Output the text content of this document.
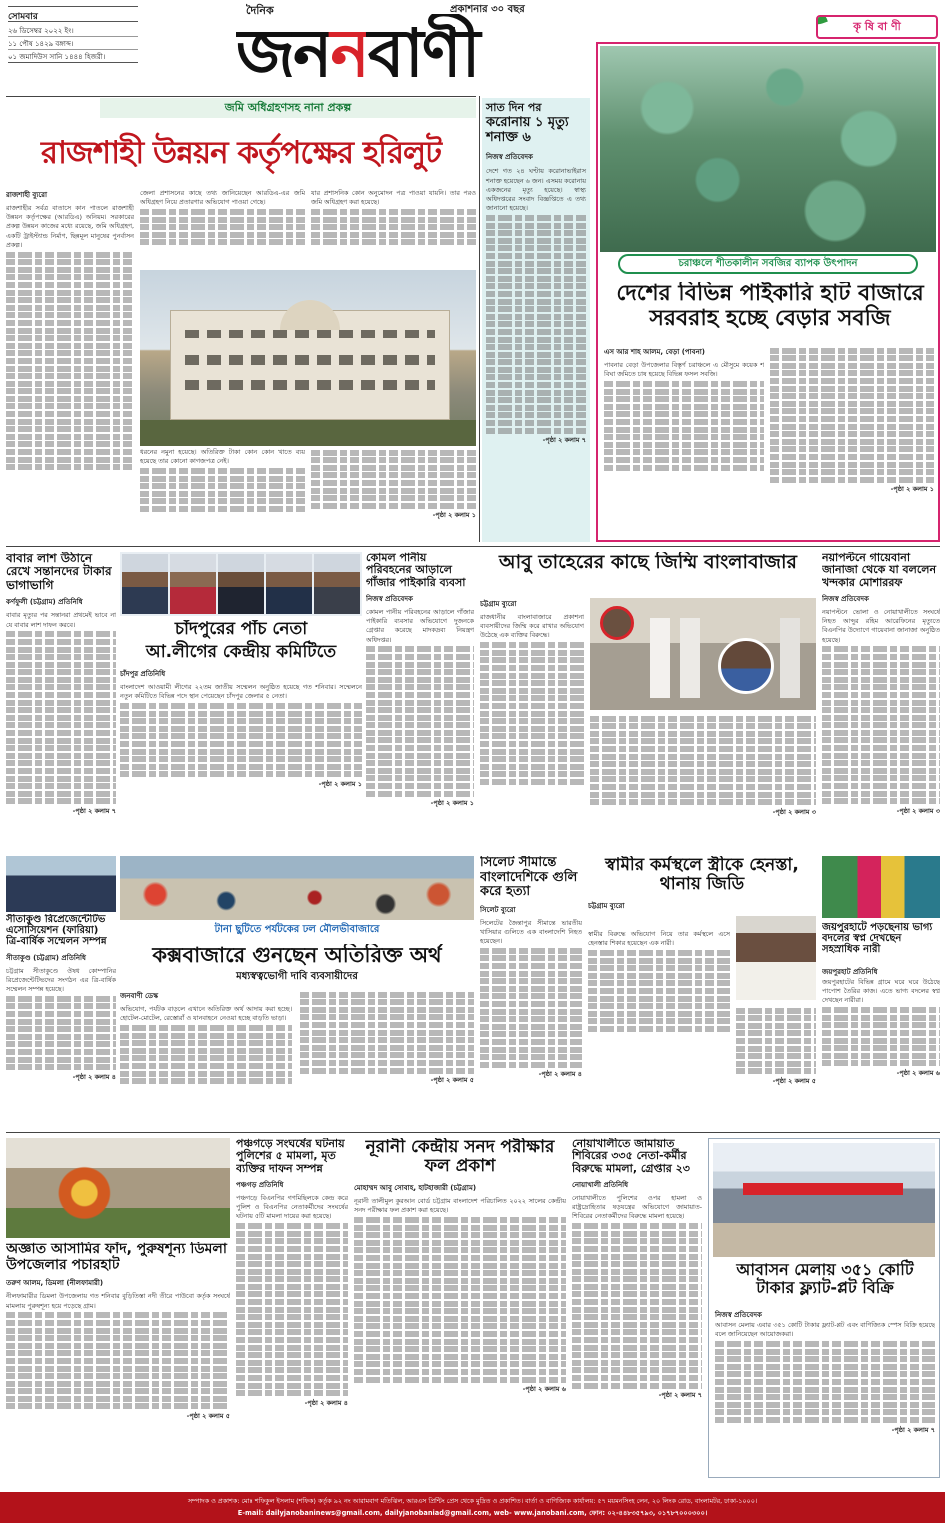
সোমবার
২৬ ডিসেম্বর ২০২২ ইং।
১১ পৌষ ১৪২৯ বঙ্গাব্দ।
০১ জমাদিউস সানি ১৪৪৪ হিজরী।
দৈনিক	প্রকাশনার ৩০ বছর
জননবাণী	কৃ ষি বা ণী
জমি অধিগ্রহণসহ নানা প্রকল্প
রাজশাহী উন্নয়ন কর্তৃপক্ষের হরিলুট
রাজশাহী ব্যুরো
রাজশাহীর সর্বত্র বাতাসে কান পাতলে রাজশাহী উন্নয়ন কর্তৃপক্ষের (আরডিএ) অনিয়ম। সরকারের প্রকল্প উন্নয়ন কাজের মধ্যে রয়েছে, জমি অধিগ্রহণ, একটি ট্রাইস্ট্যান্ড নির্মাণ, ছিন্নমূল মানুষের পুনর্বাসন প্রকল্প।
জেলা প্রশাসনের কাছে তথ্য জানিয়েছেন আরডিএ-এর জমি অধিগ্রহণ নিয়ে প্রতারণার অভিযোগ পাওয়া গেছে।
যার প্রশাসনিক কোন অনুমোদন পত্র পাওয়া যায়নি। তার পরও জমি অধিগ্রহণ করা হয়েছে।
ধরনের নমুনা হয়েছে। অতিরিক্ত টাকা কোন কোন খাতে ব্যয় হয়েছে তার কোনো কাগজপত্র নেই।
-পৃষ্ঠা ২ কলাম ১
সাত দিন পর
করোনায় ১ মৃত্যু শনাক্ত ৬
নিজস্ব প্রতিবেদক
দেশে গত ২৪ ঘণ্টায় করোনাভাইরাস শনাক্ত হয়েছেন ৬ জন। এসময় করোনায় একজনের মৃত্যু হয়েছে। স্বাস্থ্য অধিদপ্তরের সংবাদ বিজ্ঞপ্তিতে এ তথ্য জানানো হয়েছে।
-পৃষ্ঠা ২ কলাম ৭
চরাঞ্চলে শীতকালীন সবজির ব্যাপক উৎপাদন
দেশের বিভিন্ন পাইকারি হাট বাজারে সরবরাহ হচ্ছে বেড়ার সবজি
এস আর শাহ আলম, বেড়া (পাবনা)
পাবনার বেড়া উপজেলার বিস্তৃর্ণ চরাঞ্চলে এ মৌসুমে কয়েক শ বিঘা জমিতে চাষ হয়েছে বিভিন্ন ফসল সবজি।
-পৃষ্ঠা ২ কলাম ১
বাবার লাশ উঠানে রেখে সন্তানদের টাকার ভাগাভাগি
কর্ণফুলী (চট্টগ্রাম) প্রতিনিধি
বাবার মৃত্যুর পর সন্তানরা প্রথমেই ভাবে না যে বাবার লাশ দাফন করবে।
-পৃষ্ঠা ২ কলাম ৭
চাঁদপুরের পাঁচ নেতা
আ.লীগের কেন্দ্রীয় কমিটিতে
চাঁদপুর প্রতিনিধি
বাংলাদেশ আওয়ামী লীগের ২২তম জাতীয় সম্মেলন অনুষ্ঠিত হয়েছে গত শনিবার। সম্মেলনে নতুন কমিটিতে বিভিন্ন পদে স্থান পেয়েছেন চাঁদপুর জেলার ৫ নেতা।
-পৃষ্ঠা ২ কলাম ১
কোমল পানীয় পরিবহনের আড়ালে গাঁজার পাইকারি ব্যবসা
নিজস্ব প্রতিবেদক
কোমল পানীয় পরিবহনের আড়ালে গাঁজার পাইকারি ব্যবসার অভিযোগে দুজনকে গ্রেপ্তার করেছে মাদকদ্রব্য নিয়ন্ত্রণ অধিদপ্তর।
-পৃষ্ঠা ২ কলাম ১
আবু তাহেরের কাছে জিম্মি বাংলাবাজার
চট্টগ্রাম ব্যুরো
রাজধানীর বাংলাবাজারে প্রকাশনা ব্যবসায়ীদের জিম্মি করে রাখার অভিযোগ উঠেছে এক ব্যক্তির বিরুদ্ধে।
-পৃষ্ঠা ২ কলাম ৩
নয়াপল্টনে গায়েবানা জানাজা থেকে যা বললেন খন্দকার মোশাররফ
নিজস্ব প্রতিবেদক
নয়াপল্টনে ভোলা ও নোয়াখালীতে সংঘর্ষে নিহত আব্দুর রহিম আরেফিনের মৃত্যুতে বিএনপির উদ্যোগে গায়েবানা জানাজা অনুষ্ঠিত হয়েছে।
-পৃষ্ঠা ২ কলাম ৩
সীতাকুণ্ড রিপ্রেজেন্টেটিভ এসোসিয়েশন (ফারিয়া) ত্রি-বার্ষিক সম্মেলন সম্পন্ন
সীতাকুণ্ড (চট্টগ্রাম) প্রতিনিধি
চট্টগ্রাম সীতাকুণ্ডে ঔষধ কোম্পানির রিপ্রেজেন্টেটিভদের সংগঠন এর ত্রি-বার্ষিক সম্মেলন সম্পন্ন হয়েছে।
-পৃষ্ঠা ২ কলাম ৪
টানা ছুটিতে পর্যটকের ঢল মৌলভীবাজারে
কক্সবাজারে গুনছেন অতিরিক্ত অর্থ
মধ্যস্বত্বভোগী দাবি ব্যবসায়ীদের
জনবাণী ডেস্ক
অভিযোগ, পর্যটক বাড়লে এখানে অতিরিক্ত অর্থ আদায় করা হচ্ছে। হোটেল-মোটেল, রেস্তোরাঁ ও যানবাহনে নেওয়া হচ্ছে বাড়তি ভাড়া।
-পৃষ্ঠা ২ কলাম ৫
সিলেট সীমান্তে বাংলাদেশিকে গুলি করে হত্যা
সিলেট ব্যুরো
সিলেটের জৈন্তাপুর সীমান্তে ভারতীয় খাসিয়ার গুলিতে এক বাংলাদেশি নিহত হয়েছেন।
-পৃষ্ঠা ২ কলাম ৪
স্বামীর কর্মস্থলে স্ত্রীকে হেনস্তা, থানায় জিডি
চট্টগ্রাম ব্যুরো
স্বামীর বিরুদ্ধে অভিযোগ নিয়ে তার কর্মস্থলে এসে হেনস্তার শিকার হয়েছেন এক নারী।
-পৃষ্ঠা ২ কলাম ৫
জয়পুরহাটে পড়ছেনায় ভাগ্য বদলের স্বপ্ন দেখছেন সহস্রাধিক নারী
জয়পুরহাট প্রতিনিধি
জয়পুরহাটের বিভিন্ন গ্রামে ঘরে ঘরে উঠেছে পাপোশ তৈরির কাজ। এতে ভাগ্য বদলের স্বপ্ন দেখছেন নারীরা।
-পৃষ্ঠা ২ কলাম ৬
অজ্ঞাত আসামির ফাঁদ, পুরুষশূন্য ডিমলা উপজেলার পচারহাট
তরুণ আলম, ডিমলা (নীলফামারী)
নীলফামারীর ডিমলা উপজেলায় গত শনিবার বুড়িতিস্তা নদী তীরে পাউবো কর্তৃক সংঘর্ষে মামলায় পুরুষশূন্য হয়ে পড়েছে গ্রাম।
-পৃষ্ঠা ২ কলাম ৫
পঞ্চগড়ে সংঘর্ষের ঘটনায় পুলিশের ৫ মামলা, মৃত ব্যক্তির দাফন সম্পন্ন
পঞ্চগড় প্রতিনিধি
পঞ্চগড়ে বিএনপির গণমিছিলকে কেন্দ্র করে পুলিশ ও বিএনপির নেতাকর্মীদের সংঘর্ষের ঘটনায় ৫টি মামলা দায়ের করা হয়েছে।
-পৃষ্ঠা ২ কলাম ৪
নূরানী কেন্দ্রীয় সনদ পরীক্ষার ফল প্রকাশ
মোহাম্মদ আবু সোবাহ, হাটহাজারী (চট্টগ্রাম)
নূরানী তালীমুল কুরআন বোর্ড চট্টগ্রাম বাংলাদেশ পরিচালিত ২০২২ সালের কেন্দ্রীয় সনদ পরীক্ষার ফল প্রকাশ করা হয়েছে।
-পৃষ্ঠা ২ কলাম ৬
নোয়াখালীতে জামায়াত শিবিরের ৩৩৫ নেতা-কর্মীর বিরুদ্ধে মামলা, গ্রেপ্তার ২৩
নোয়াখালী প্রতিনিধি
নোয়াখালীতে পুলিশের ওপর হামলা ও রাষ্ট্রদ্রোহিতার ষড়যন্ত্রের অভিযোগে জামায়াত-শিবিরের নেতাকর্মীদের বিরুদ্ধে মামলা হয়েছে।
-পৃষ্ঠা ২ কলাম ৭
আবাসন মেলায় ৩৫১ কোটি টাকার ফ্ল্যাট-প্লট বিক্রি
নিজস্ব প্রতিবেদক
আবাসন মেলায় এবার ৩৫১ কোটি টাকার ফ্ল্যাট-প্লট এবং বাণিজ্যিক স্পেস বিক্রি হয়েছে বলে জানিয়েছেন আয়োজকরা।
-পৃষ্ঠা ২ কলাম ৭
সম্পাদক ও প্রকাশক: মোঃ শফিকুল ইসলাম (শফিক) কর্তৃক ৯২ নং আরামবাগ মতিঝিল, আরএস প্রিন্টিং প্রেস থেকে মুদ্রিত ও প্রকাশিত। বার্তা ও বাণিজ্যিক কার্যালয়: ৫৭ ময়মনসিংহ লেন, ২০ লিংক রোড, বাংলামটর, ঢাকা-১০০০।
E-mail: dailyjanobaninews@gmail.com, dailyjanobaniad@gmail.com, web- www.janobani.com, ফোন: ০২-৪৪৮৩৫৭৯৩, ০১৭৮৭০০০৩০০।
